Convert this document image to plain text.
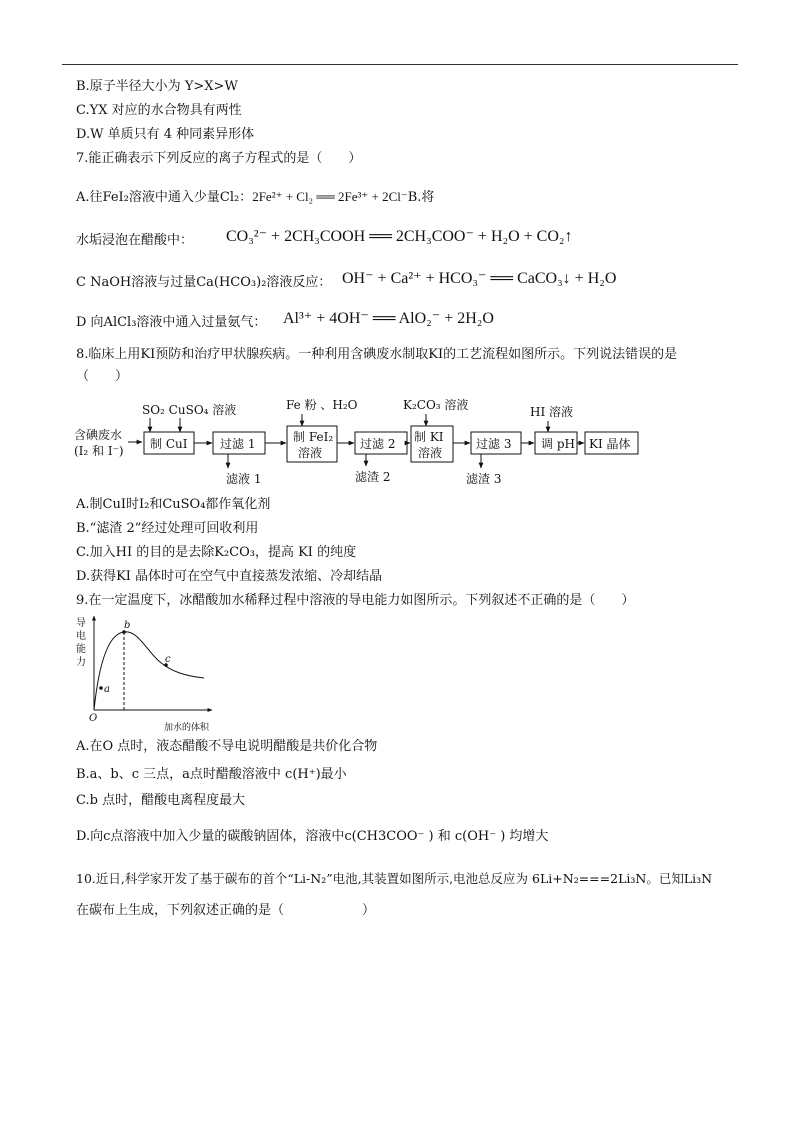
B.原子半径大小为 Y>X>W
C.YX 对应的水合物具有两性
D.W 单质只有 4 种同素异形体
7.能正确表示下列反应的离子方程式的是（　　）
A.往FeI₂溶液中通入少量Cl₂：2Fe²⁺ + Cl₂ ══ 2Fe³⁺ + 2Cl⁻B.将
水垢浸泡在醋酸中： CO₃²⁻ + 2CH₃COOH ══ 2CH₃COO⁻ + H₂O + CO₂↑
C NaOH溶液与过量Ca(HCO₃)₂溶液反应： OH⁻ + Ca²⁺ + HCO₃⁻ ══ CaCO₃↓ + H₂O
D 向AlCl₃溶液中通入过量氨气： Al³⁺ + 4OH⁻ ══ AlO₂⁻ + 2H₂O
8.临床上用KI预防和治疗甲状腺疾病。一种利用含碘废水制取KI的工艺流程如图所示。下列说法错误的是
（　　）
含碘废水
(I₂ 和 I⁻)
SO₂ CuSO₄ 溶液
制 CuI	过滤 1
滤液 1
Fe 粉 、H₂O
制 FeI₂
溶液
过滤 2
滤渣 2
K₂CO₃ 溶液
制 KI
溶液
过滤 3
滤渣 3
HI 溶液
调 pH KI 晶体
A.制CuI时I₂和CuSO₄都作氧化剂
B.“滤渣 2”经过处理可回收利用
C.加入HI 的目的是去除K₂CO₃，提高 KI 的纯度
D.获得KI 晶体时可在空气中直接蒸发浓缩、冷却结晶
9.在一定温度下，冰醋酸加水稀释过程中溶液的导电能力如图所示。下列叙述不正确的是（　　）
导
电
能
力
a
b
c
O
加水的体积
A.在O 点时，液态醋酸不导电说明醋酸是共价化合物
B.a、b、c 三点，a点时醋酸溶液中 c(H⁺)最小
C.b 点时，醋酸电离程度最大
D.向c点溶液中加入少量的碳酸钠固体，溶液中c(CH3COO⁻ ) 和 c(OH⁻ ) 均增大
10.近日,科学家开发了基于碳布的首个“Li-N₂”电池,其装置如图所示,电池总反应为 6Li+N₂===2Li₃N。已知Li₃N
在碳布上生成，下列叙述正确的是（　　　　　　）
